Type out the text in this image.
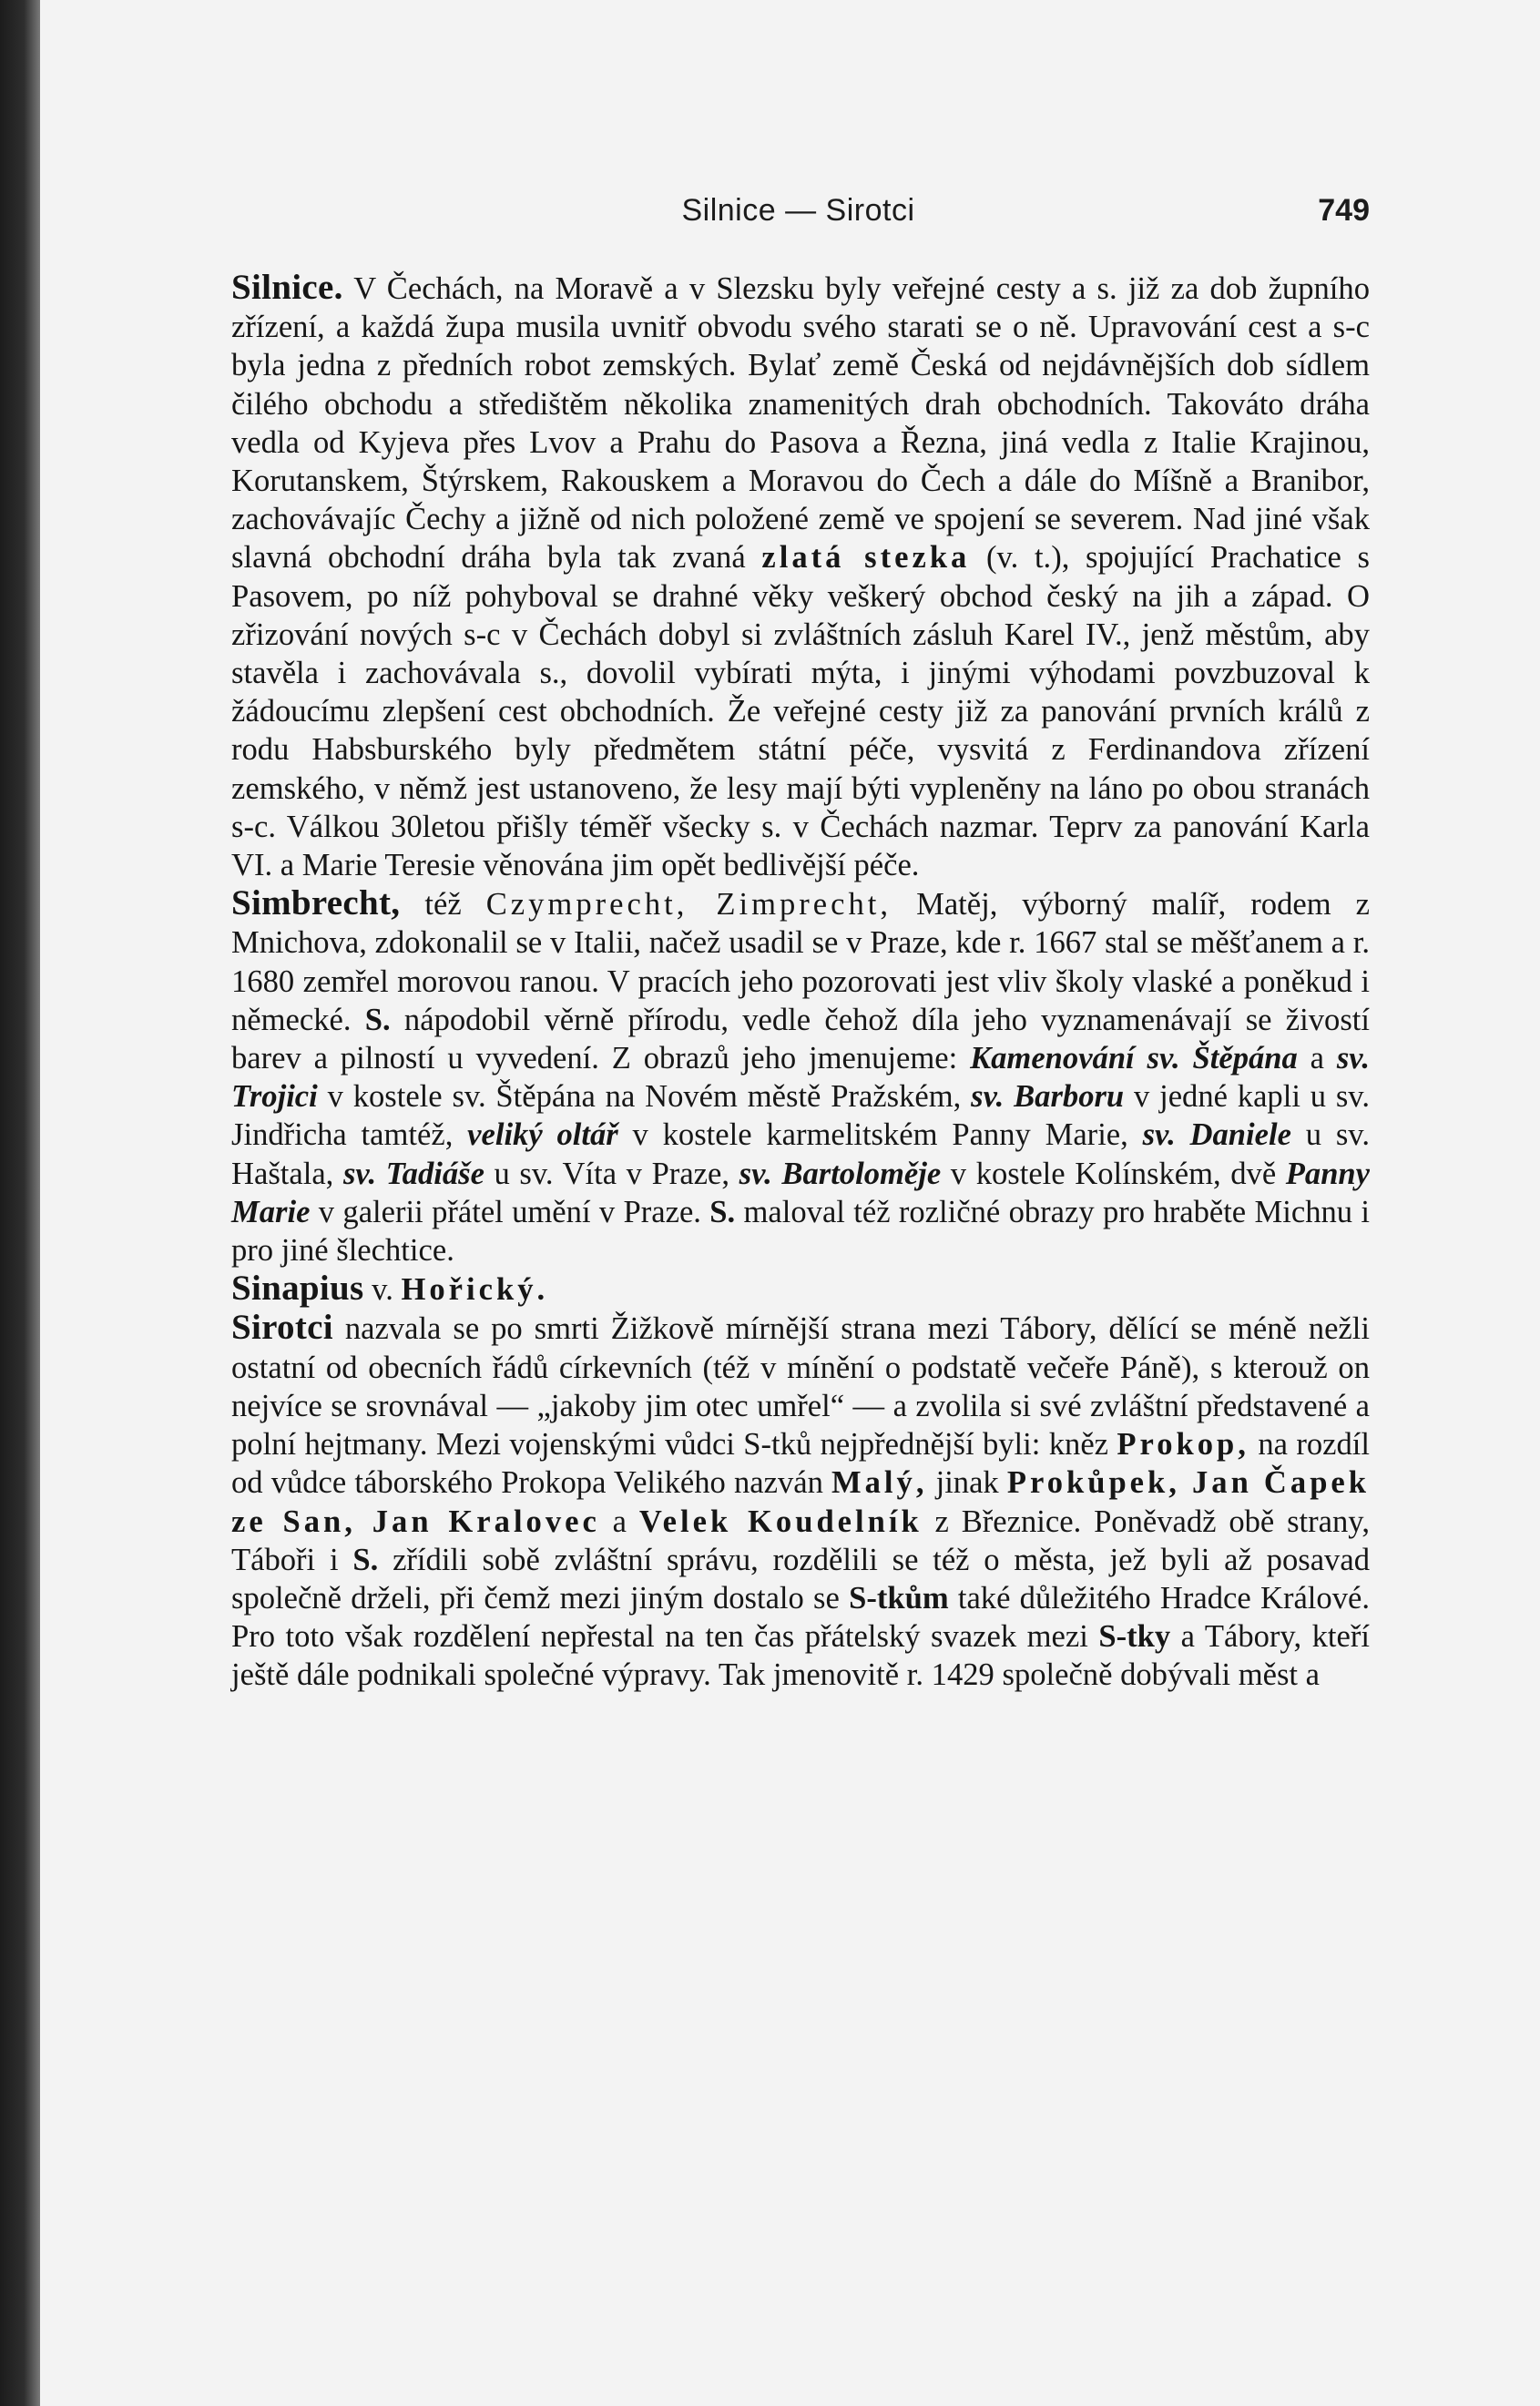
Silnice — Sirotci	749

Silnice. V Čechách, na Moravě a v Slezsku byly veřejné cesty a s. již za dob župního zřízení, a každá župa musila uvnitř obvodu svého starati se o ně. Upravování cest a s-c byla jedna z předních robot zemských. Bylať země Česká od nejdávnějších dob sídlem čilého obchodu a středištěm několika znamenitých drah obchodních. Takováto dráha vedla od Kyjeva přes Lvov a Prahu do Pasova a Řezna, jiná vedla z Italie Krajinou, Korutanskem, Štýrskem, Rakouskem a Moravou do Čech a dále do Míšně a Branibor, zachovávajíc Čechy a jižně od nich položené země ve spojení se severem. Nad jiné však slavná obchodní dráha byla tak zvaná zlatá stezka (v. t.), spojující Prachatice s Pasovem, po níž pohyboval se drahné věky veškerý obchod český na jih a západ. O zřizování nových s-c v Čechách dobyl si zvláštních zásluh Karel IV., jenž městům, aby stavěla i zachovávala s., dovolil vybírati mýta, i jinými výhodami povzbuzoval k žádoucímu zlepšení cest obchodních. Že veřejné cesty již za panování prvních králů z rodu Habsburského byly předmětem státní péče, vysvitá z Ferdinandova zřízení zemského, v němž jest ustanoveno, že lesy mají býti vypleněny na láno po obou stranách s-c. Válkou 30letou přišly téměř všecky s. v Čechách nazmar. Teprv za panování Karla VI. a Marie Teresie věnována jim opět bedlivější péče.

Simbrecht, též Czymprecht, Zimprecht, Matěj, výborný malíř, rodem z Mnichova, zdokonalil se v Italii, načež usadil se v Praze, kde r. 1667 stal se měšťanem a r. 1680 zemřel morovou ranou. V pracích jeho pozorovati jest vliv školy vlaské a poněkud i německé. S. nápodobil věrně přírodu, vedle čehož díla jeho vyznamenávají se živostí barev a pilností u vyvedení. Z obrazů jeho jmenujeme: Kamenování sv. Štěpána a sv. Trojici v kostele sv. Štěpána na Novém městě Pražském, sv. Barboru v jedné kapli u sv. Jindřicha tamtéž, veliký oltář v kostele karmelitském Panny Marie, sv. Daniele u sv. Haštala, sv. Tadiáše u sv. Víta v Praze, sv. Bartoloměje v kostele Kolínském, dvě Panny Marie v galerii přátel umění v Praze. S. maloval též rozličné obrazy pro hraběte Michnu i pro jiné šlechtice.

Sinapius v. Hořický.

Sirotci nazvala se po smrti Žižkově mírnější strana mezi Tábory, dělící se méně nežli ostatní od obecních řádů církevních (též v mínění o podstatě večeře Páně), s kterouž on nejvíce se srovnával — „jakoby jim otec umřel“ — a zvolila si své zvláštní představené a polní hejtmany. Mezi vojenskými vůdci S-tků nejpřednější byli: kněz Prokop, na rozdíl od vůdce táborského Prokopa Velikého nazván Malý, jinak Prokůpek, Jan Čapek ze San, Jan Kralovec a Velek Koudelník z Březnice. Poněvadž obě strany, Táboři i S. zřídili sobě zvláštní správu, rozdělili se též o města, jež byli až posavad společně drželi, při čemž mezi jiným dostalo se S-tkům také důležitého Hradce Králové. Pro toto však rozdělení nepřestal na ten čas přátelský svazek mezi S-tky a Tábory, kteří ještě dále podnikali společné výpravy. Tak jmenovitě r. 1429 společně dobývali měst a
